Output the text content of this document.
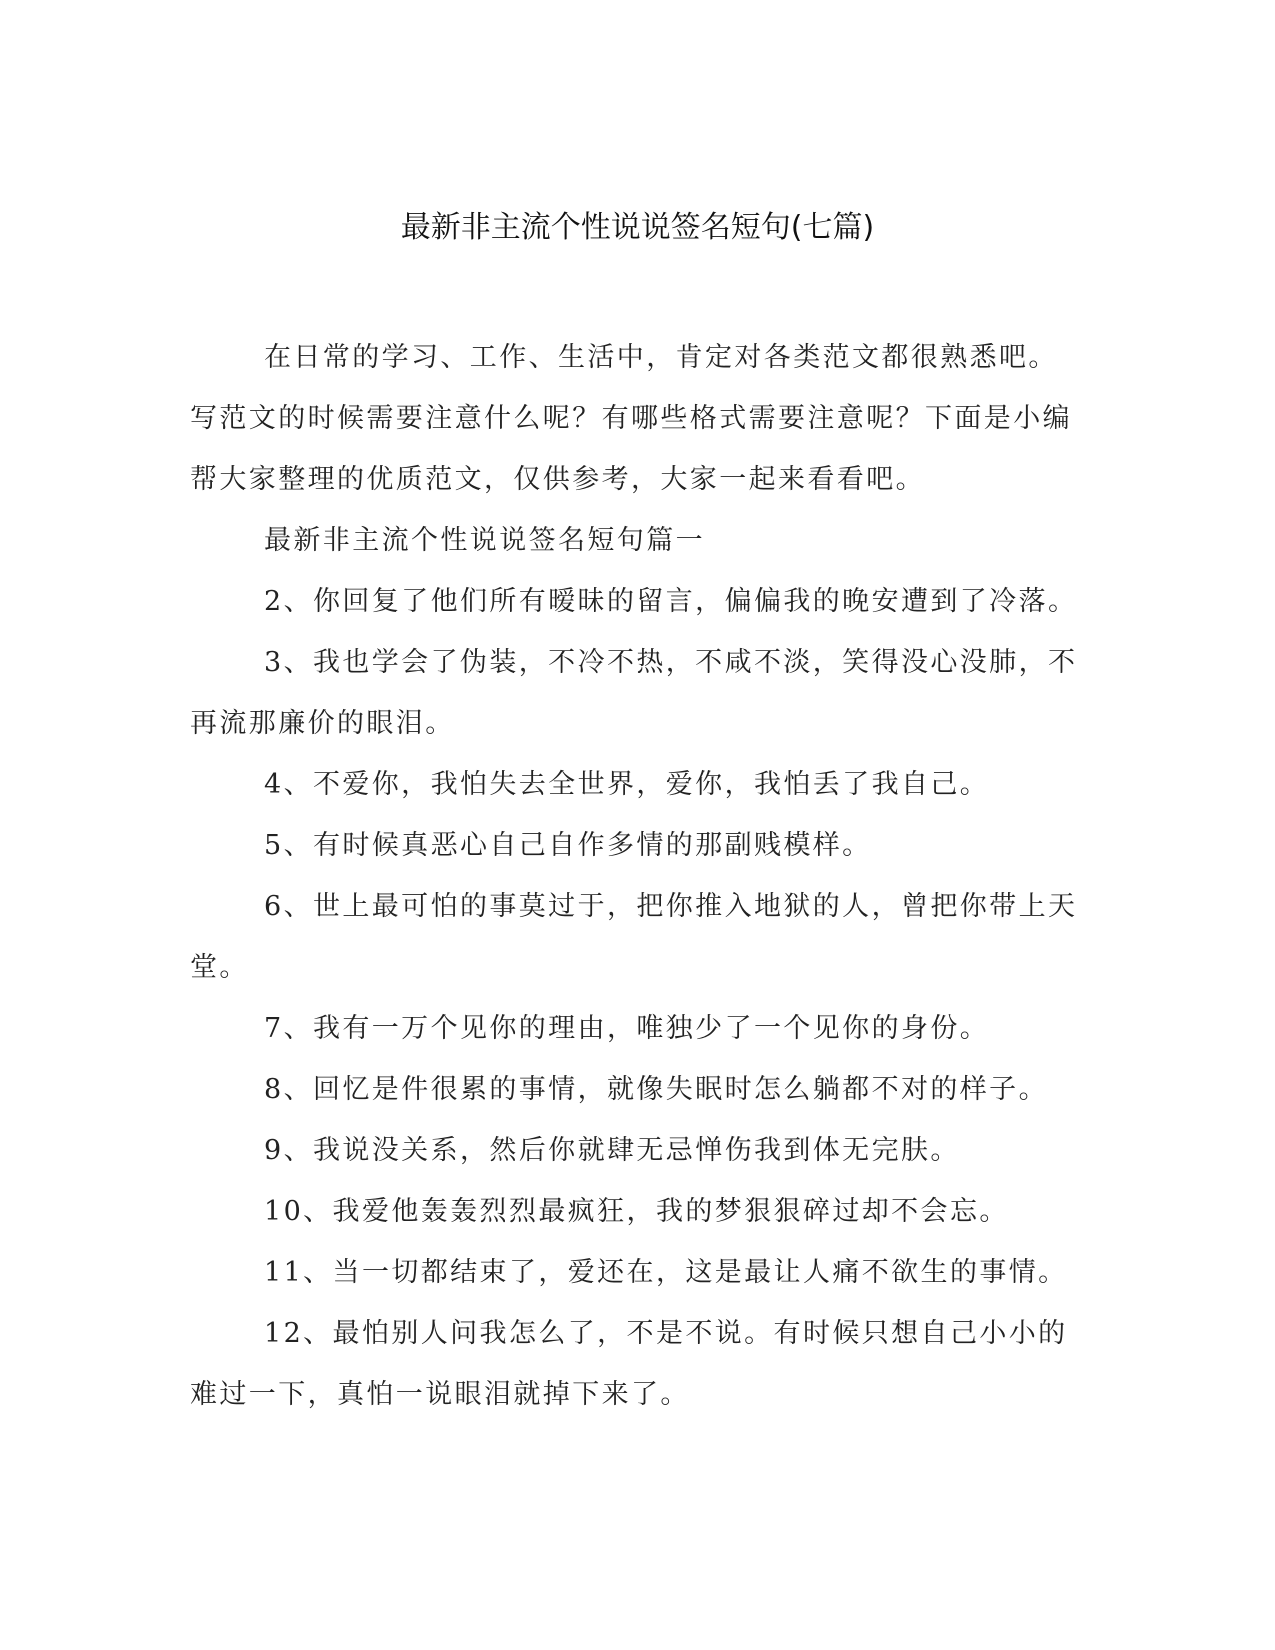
最新非主流个性说说签名短句(七篇)

在日常的学习、工作、生活中，肯定对各类范文都很熟悉吧。写范文的时候需要注意什么呢？有哪些格式需要注意呢？下面是小编帮大家整理的优质范文，仅供参考，大家一起来看看吧。

最新非主流个性说说签名短句篇一

2、你回复了他们所有暧昧的留言，偏偏我的晚安遭到了冷落。

3、我也学会了伪装，不冷不热，不咸不淡，笑得没心没肺，不再流那廉价的眼泪。

4、不爱你，我怕失去全世界，爱你，我怕丢了我自己。

5、有时候真恶心自己自作多情的那副贱模样。

6、世上最可怕的事莫过于，把你推入地狱的人，曾把你带上天堂。

7、我有一万个见你的理由，唯独少了一个见你的身份。

8、回忆是件很累的事情，就像失眠时怎么躺都不对的样子。

9、我说没关系，然后你就肆无忌惮伤我到体无完肤。

10、我爱他轰轰烈烈最疯狂，我的梦狠狠碎过却不会忘。

11、当一切都结束了，爱还在，这是最让人痛不欲生的事情。

12、最怕别人问我怎么了，不是不说。有时候只想自己小小的难过一下，真怕一说眼泪就掉下来了。
